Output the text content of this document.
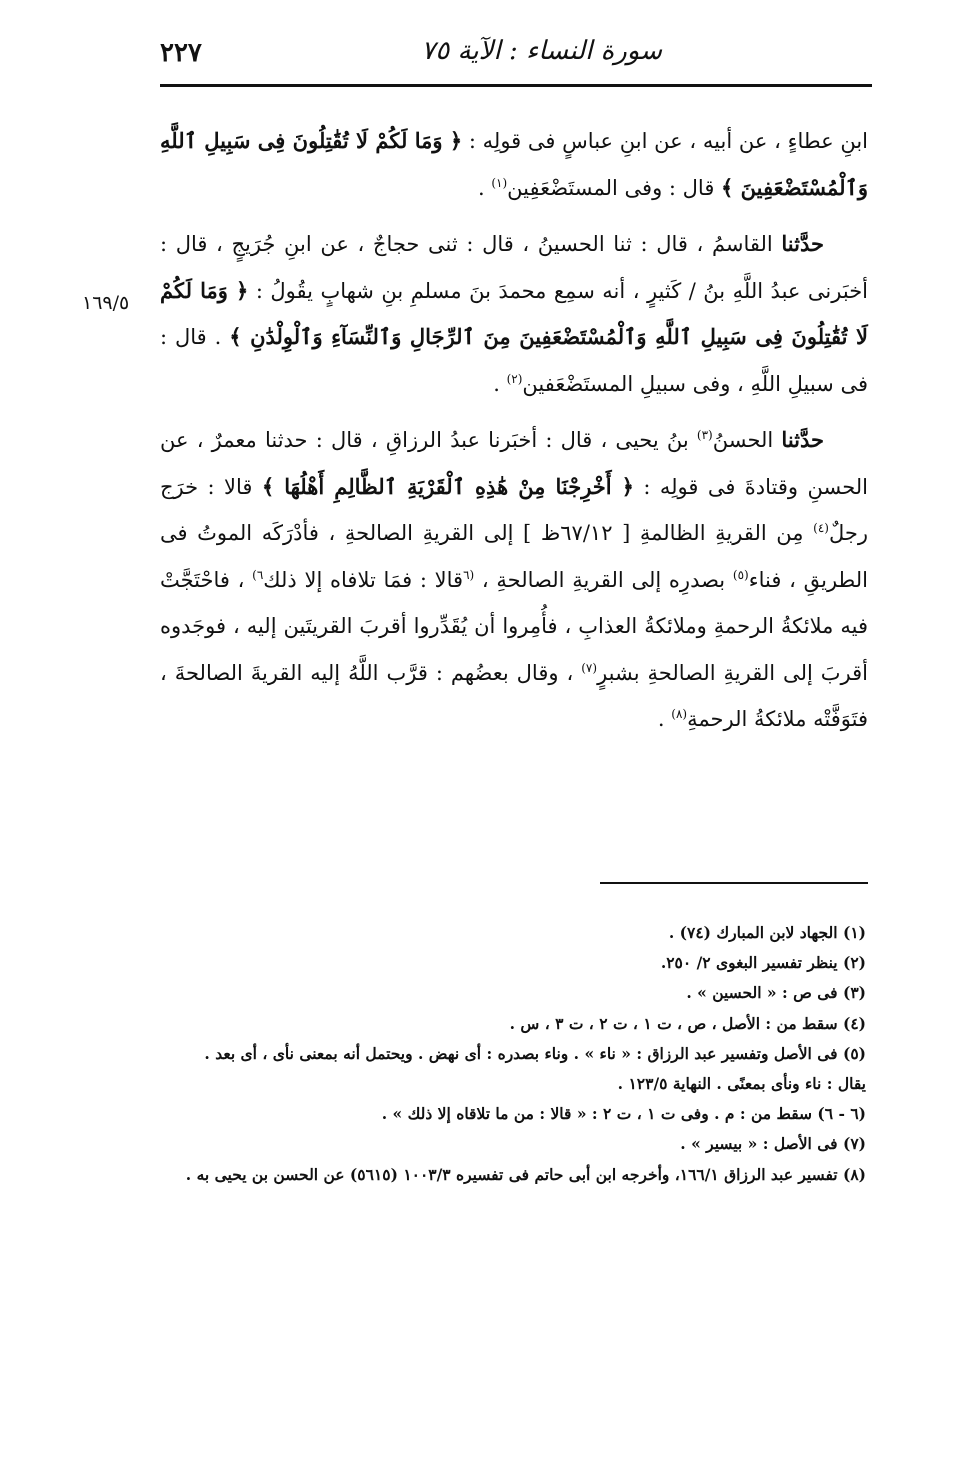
٢٢٧	سورة النساء : الآية ٧٥
١٦٩/٥

ابنِ عطاءٍ ، عن أبيه ، عن ابنِ عباسٍ فى قولِه : ﴿ وَمَا لَكُمْ لَا تُقَٰتِلُونَ فِى سَبِيلِ ٱللَّهِ وَٱلْمُسْتَضْعَفِينَ ﴾ قال : وفى المستَضْعَفِين$^{(١)}$ .

حدَّثنا القاسمُ ، قال : ثنا الحسينُ ، قال : ثنى حجاجٌ ، عن ابنِ جُرَيجٍ ، قال : أخبَرنى عبدُ اللَّهِ بنُ / كَثيرٍ ، أنه سمِع محمدَ بنَ مسلمِ بنِ شهابٍ يقُولُ : ﴿ وَمَا لَكُمْ لَا تُقَٰتِلُونَ فِى سَبِيلِ ٱللَّهِ وَٱلْمُسْتَضْعَفِينَ مِنَ ٱلرِّجَالِ وَٱلنِّسَآءِ وَٱلْوِلْدَٰنِ ﴾ . قال : فى سبيلِ اللَّهِ ، وفى سبيلِ المستَضْعَفين$^{(٢)}$ .

حدَّثنا الحسنُ$^{(٣)}$ بنُ يحيى ، قال : أخبَرنا عبدُ الرزاقِ ، قال : حدثنا معمرٌ ، عن الحسنِ وقتادةَ فى قولِه : ﴿ أَخْرِجْنَا مِنْ هَٰذِهِ ٱلْقَرْيَةِ ٱلظَّالِمِ أَهْلُهَا ﴾ قالا : خرَج رجلٌ$^{(٤)}$ مِن القريةِ الظالمةِ [ ٦٧/١٢ظ ] إلى القريةِ الصالحةِ ، فأدْرَكَه الموتُ فى الطريقِ ، فناء$^{(٥)}$ بصدرِه إلى القريةِ الصالحةِ ، $^{(٦}$قالا : فمَا تلافاه إلا ذلك$^{٦)}$ ، فاحْتَجَّتْ فيه ملائكةُ الرحمةِ وملائكةُ العذابِ ، فأُمِروا أن يُقَدِّروا أقربَ القريتَين إليه ، فوجَدوه أقربَ إلى القريةِ الصالحةِ بشبرٍ$^{(٧)}$ ، وقال بعضُهم : قرَّب اللَّهُ إليه القريةَ الصالحةَ ، فتَوَفَّتْه ملائكةُ الرحمةِ$^{(٨)}$ .

(١) الجهاد لابن المبارك (٧٤) .

(٢) ينظر تفسير البغوى ٢/ ٢٥٠.

(٣) فى ص : « الحسين » .

(٤) سقط من : الأصل ، ص ، ت ١ ، ت ٢ ، ت ٣ ، س .

(٥) فى الأصل وتفسير عبد الرزاق : « ناء » . وناء بصدره : أى نهض . ويحتمل أنه بمعنى نأى ، أى بعد .

يقال : ناء ونأى بمعنًى . النهاية ١٢٣/٥ .

(٦ - ٦) سقط من : م . وفى ت ١ ، ت ٢ : « قالا : من ما تلاقاه إلا ذلك » .

(٧) فى الأصل : « بيسير » .

(٨) تفسير عبد الرزاق ١٦٦/١، وأخرجه ابن أبى حاتم فى تفسيره ١٠٠٣/٣ (٥٦١٥) عن الحسن بن يحيى به .
